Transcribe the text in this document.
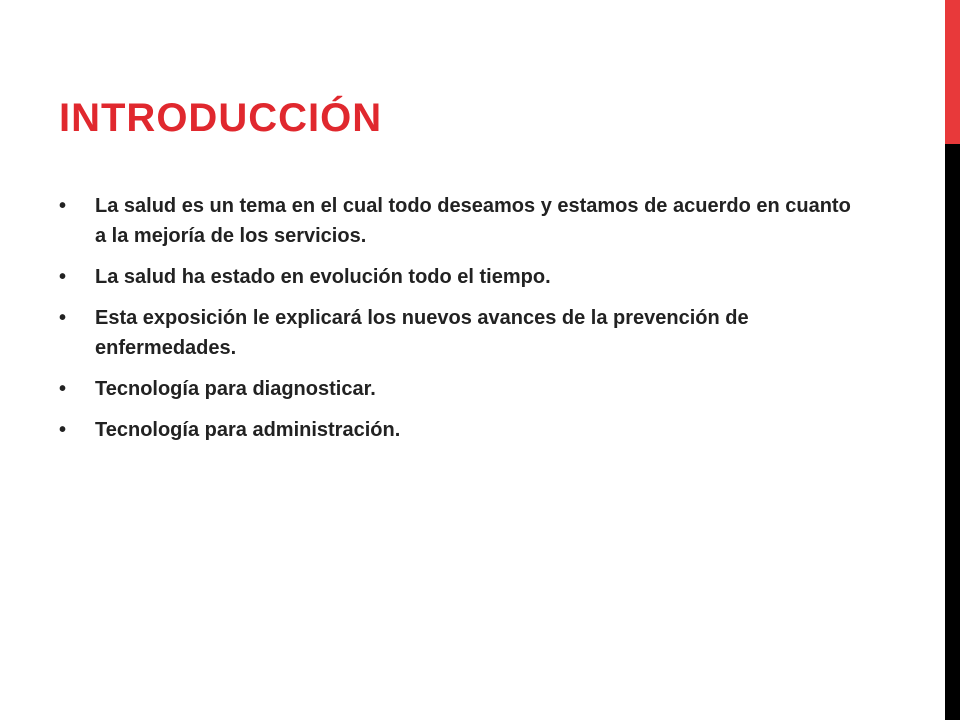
INTRODUCCIÓN
• La salud es un tema en el cual todo deseamos y estamos de acuerdo en cuanto a la mejoría de los servicios.
• La salud ha estado en evolución todo el tiempo.
• Esta exposición le explicará los nuevos avances de la prevención de enfermedades.
• Tecnología para diagnosticar.
• Tecnología para administración.
